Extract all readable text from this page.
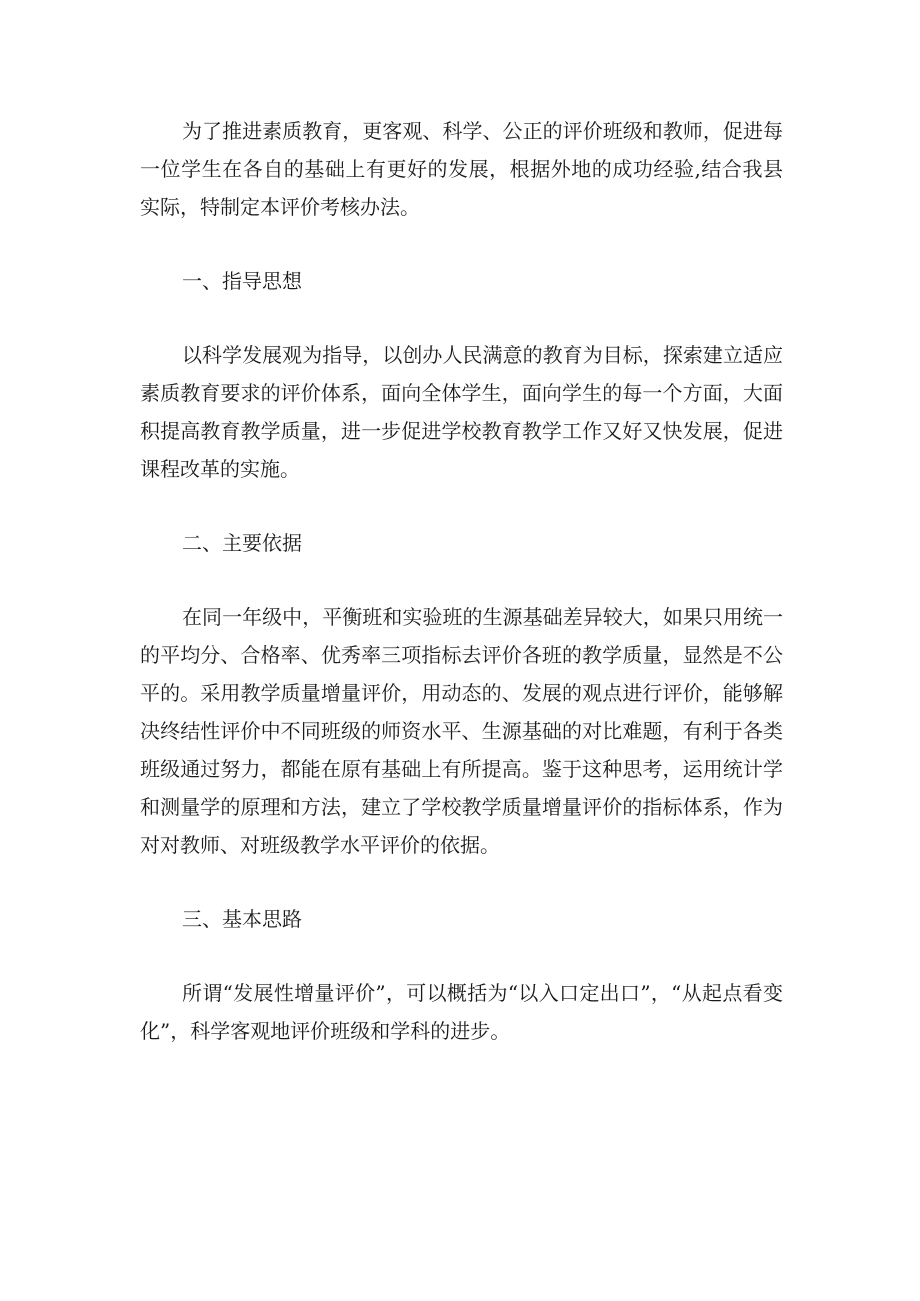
为了推进素质教育，更客观、科学、公正的评价班级和教师，促进每一位学生在各自的基础上有更好的发展，根据外地的成功经验,结合我县实际，特制定本评价考核办法。

一、指导思想

以科学发展观为指导，以创办人民满意的教育为目标，探索建立适应素质教育要求的评价体系，面向全体学生，面向学生的每一个方面，大面积提高教育教学质量，进一步促进学校教育教学工作又好又快发展，促进课程改革的实施。

二、主要依据

在同一年级中，平衡班和实验班的生源基础差异较大，如果只用统一的平均分、合格率、优秀率三项指标去评价各班的教学质量，显然是不公平的。采用教学质量增量评价，用动态的、发展的观点进行评价，能够解决终结性评价中不同班级的师资水平、生源基础的对比难题，有利于各类班级通过努力，都能在原有基础上有所提高。鉴于这种思考，运用统计学和测量学的原理和方法，建立了学校教学质量增量评价的指标体系，作为对对教师、对班级教学水平评价的依据。

三、基本思路

所谓“发展性增量评价”，可以概括为“以入口定出口”，“从起点看变化”，科学客观地评价班级和学科的进步。
